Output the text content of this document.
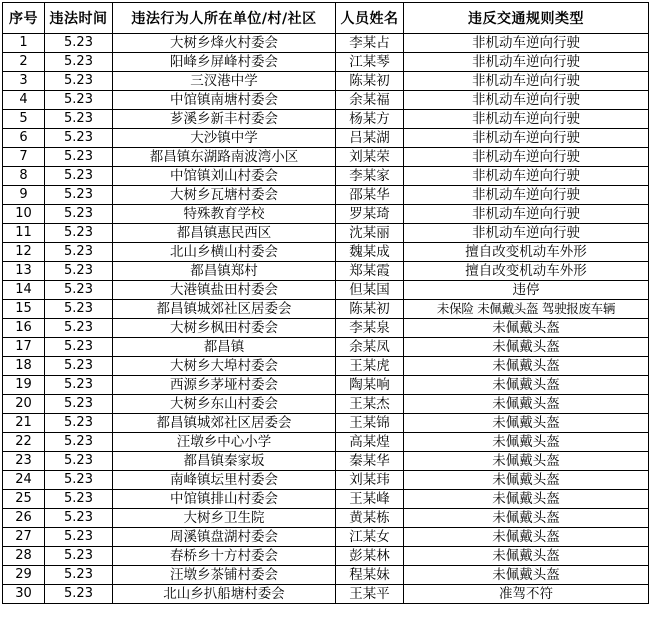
序号	违法时间	违法行为人所在单位/村/社区	人员姓名	违反交通规则类型
1	5.23	大树乡烽火村委会	李某占	非机动车逆向行驶
2	5.23	阳峰乡屏峰村委会	江某琴	非机动车逆向行驶
3	5.23	三汊港中学	陈某初	非机动车逆向行驶
4	5.23	中馆镇南塘村委会	余某福	非机动车逆向行驶
5	5.23	芗溪乡新丰村委会	杨某方	非机动车逆向行驶
6	5.23	大沙镇中学	吕某湖	非机动车逆向行驶
7	5.23	都昌镇东湖路南波湾小区	刘某荣	非机动车逆向行驶
8	5.23	中馆镇刘山村委会	李某家	非机动车逆向行驶
9	5.23	大树乡瓦塘村委会	邵某华	非机动车逆向行驶
10	5.23	特殊教育学校	罗某琦	非机动车逆向行驶
11	5.23	都昌镇惠民西区	沈某丽	非机动车逆向行驶
12	5.23	北山乡横山村委会	魏某成	擅自改变机动车外形
13	5.23	都昌镇郑村	郑某霞	擅自改变机动车外形
14	5.23	大港镇盐田村委会	但某国	违停
15	5.23	都昌镇城郊社区居委会	陈某初	未保险 未佩戴头盔 驾驶报废车辆
16	5.23	大树乡枫田村委会	李某泉	未佩戴头盔
17	5.23	都昌镇	余某凤	未佩戴头盔
18	5.23	大树乡大埠村委会	王某虎	未佩戴头盔
19	5.23	西源乡茅垭村委会	陶某响	未佩戴头盔
20	5.23	大树乡东山村委会	王某杰	未佩戴头盔
21	5.23	都昌镇城郊社区居委会	王某锦	未佩戴头盔
22	5.23	汪墩乡中心小学	高某煌	未佩戴头盔
23	5.23	都昌镇秦家坂	秦某华	未佩戴头盔
24	5.23	南峰镇坛里村委会	刘某玮	未佩戴头盔
25	5.23	中馆镇排山村委会	王某峰	未佩戴头盔
26	5.23	大树乡卫生院	黄某栋	未佩戴头盔
27	5.23	周溪镇盘湖村委会	江某女	未佩戴头盔
28	5.23	春桥乡十方村委会	彭某林	未佩戴头盔
29	5.23	汪墩乡茶铺村委会	程某妹	未佩戴头盔
30	5.23	北山乡扒船塘村委会	王某平	准驾不符
